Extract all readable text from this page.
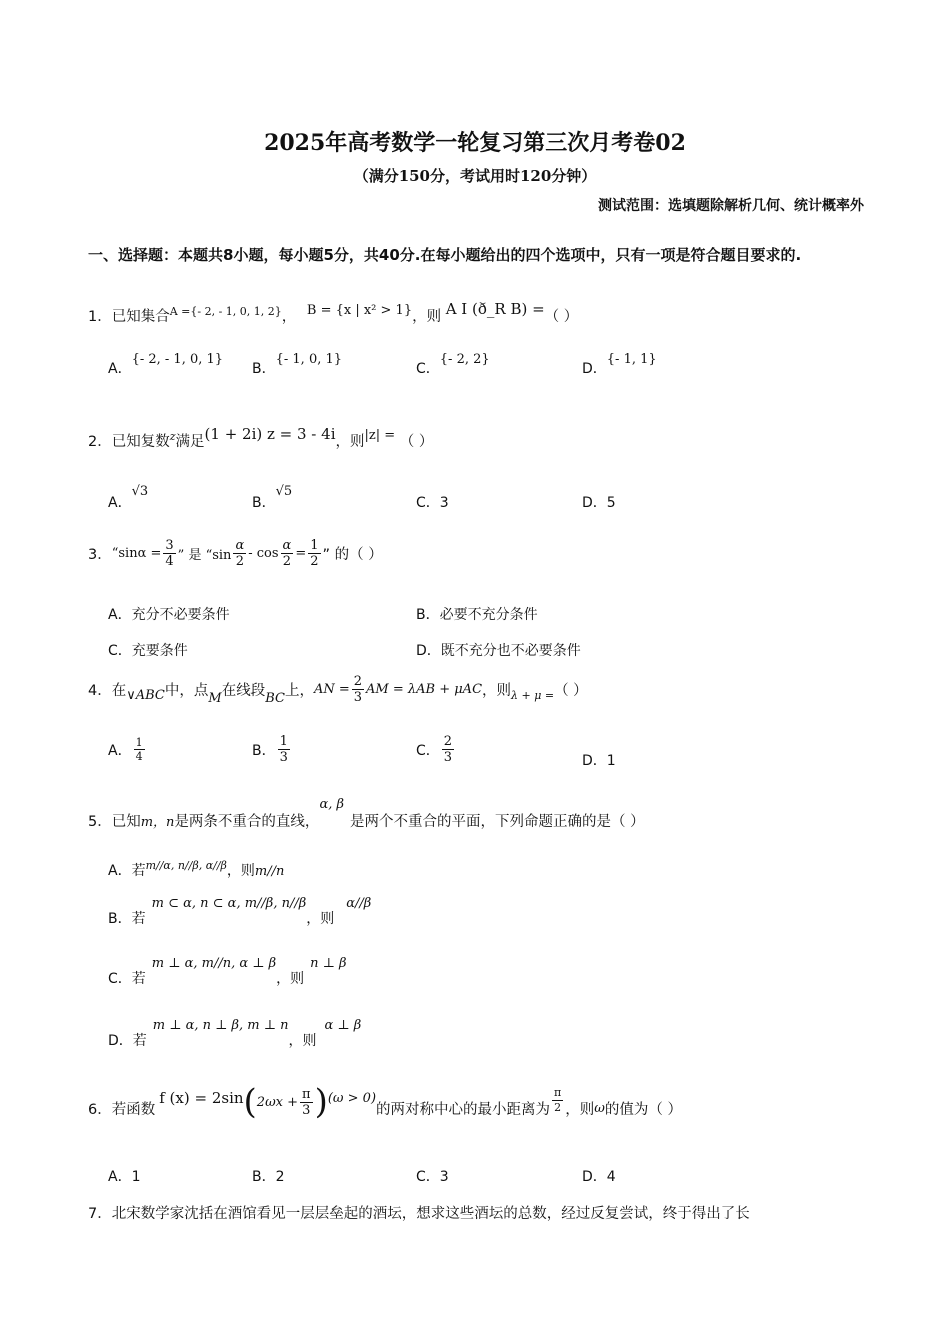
2025年高考数学一轮复习第三次月考卷02
（满分150分，考试用时120分钟）
测试范围：选填题除解析几何、统计概率外
一、选择题：本题共8小题，每小题5分，共40分.在每小题给出的四个选项中，只有一项是符合题目要求的.
1．已知集合$^{A =\{- 2, - 1, 0, 1, 2\}}$， B = {x | x² > 1}，则 A I (ð_R B) =（ ）
A．{- 2, - 1, 0, 1}
B．{- 1, 0, 1}
C．{- 2, 2}
D．{- 1, 1}
2．已知复数$^z$满足(1 + 2i) z = 3 - 4i，则|z| = （ ）
A．√3
B．√5
C．3	D．5
3． “$\sin\alpha = \frac{3}{4}$ ” 是 “$\sin \frac{\alpha}{2} - \cos \frac{\alpha}{2} = \frac{1}{2}$ ” 的（ ）
A．充分不必要条件	B．必要不充分条件
C．充要条件	D．既不充分也不必要条件
4．在 ∨ABC 中，点 M 在线段 BC 上， AN = $\frac{2}{3}$ AM = λAB + μAC ，则 λ + μ = （ ）
A． $\frac{1}{4}$	B． $\frac{1}{3}$	C． $\frac{2}{3}$	D．1
5．已知m，n是两条不重合的直线，α, β是两个不重合的平面，下列命题正确的是（ ）
A．若$^{m//\alpha, n//\beta, \alpha//\beta}$，则m//n
B．若m ⊂ α, n ⊂ α, m//β, n//β，则α//β
C．若m ⊥ α, m//n, α ⊥ β，则n ⊥ β
D．若m ⊥ α, n ⊥ β, m ⊥ n，则α ⊥ β
6．若函数
f (x) = 2sin ( $2\omega x + \frac{\pi}{3}$ ) (ω > 0)
的两对称中心的最小距离为 $\frac{\pi}{2}$ ，则 ω 的值为（ ）
A．1	B．2	C．3	D．4
7．北宋数学家沈括在酒馆看见一层层垒起的酒坛，想求这些酒坛的总数，经过反复尝试，终于得出了长
